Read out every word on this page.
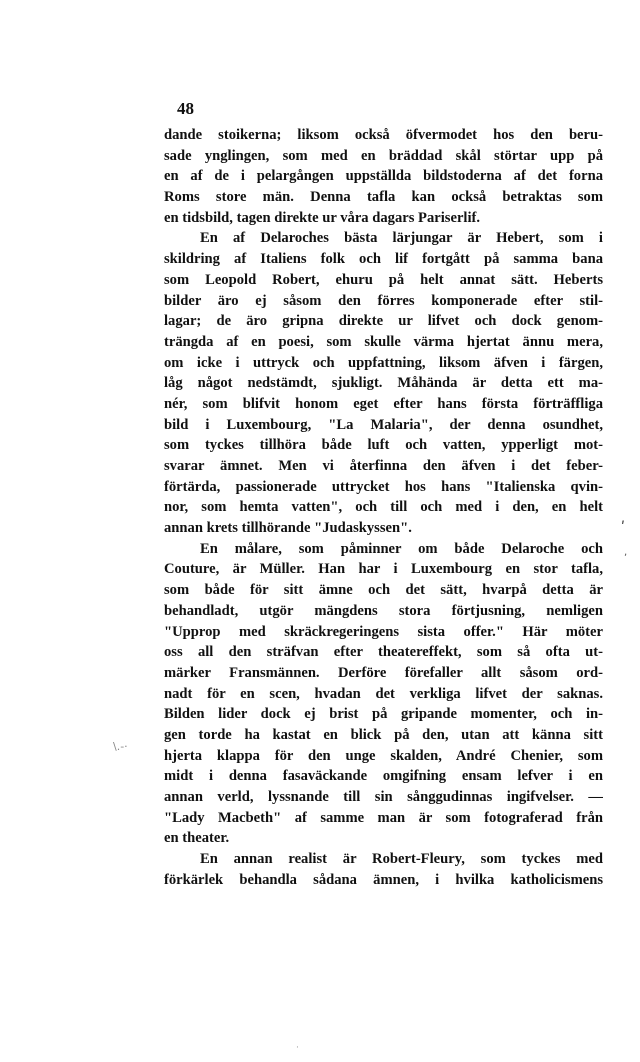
48
dande stoikerna; liksom också öfvermodet hos den beru-
sade ynglingen, som med en bräddad skål störtar upp på
en af de i pelargången uppställda bildstoderna af det forna
Roms store män. Denna tafla kan också betraktas som
en tidsbild, tagen direkte ur våra dagars Pariserlif.
En af Delaroches bästa lärjungar är Hebert, som i
skildring af Italiens folk och lif fortgått på samma bana
som Leopold Robert, ehuru på helt annat sätt. Heberts
bilder äro ej såsom den förres komponerade efter stil-
lagar; de äro gripna direkte ur lifvet och dock genom-
trängda af en poesi, som skulle värma hjertat ännu mera,
om icke i uttryck och uppfattning, liksom äfven i färgen,
låg något nedstämdt, sjukligt. Måhända är detta ett ma-
nér, som blifvit honom eget efter hans första förträffliga
bild i Luxembourg, "La Malaria", der denna osundhet,
som tyckes tillhöra både luft och vatten, ypperligt mot-
svarar ämnet. Men vi återfinna den äfven i det feber-
förtärda, passionerade uttrycket hos hans "Italienska qvin-
nor, som hemta vatten", och till och med i den, en helt
annan krets tillhörande "Judaskyssen".
En målare, som påminner om både Delaroche och
Couture, är Müller. Han har i Luxembourg en stor tafla,
som både för sitt ämne och det sätt, hvarpå detta är
behandladt, utgör mängdens stora förtjusning, nemligen
"Upprop med skräckregeringens sista offer." Här möter
oss all den sträfvan efter theatereffekt, som så ofta ut-
märker Fransmännen. Derföre förefaller allt såsom ord-
nadt för en scen, hvadan det verkliga lifvet der saknas.
Bilden lider dock ej brist på gripande momenter, och in-
gen torde ha kastat en blick på den, utan att känna sitt
hjerta klappa för den unge skalden, André Chenier, som
midt i denna fasaväckande omgifning ensam lefver i en
annan verld, lyssnande till sin sånggudinnas ingifvelser. —
"Lady Macbeth" af samme man är som fotograferad från
en theater.
En annan realist är Robert-Fleury, som tyckes med
förkärlek behandla sådana ämnen, i hvilka katholicismens
ʹ
,
\.-·
·
